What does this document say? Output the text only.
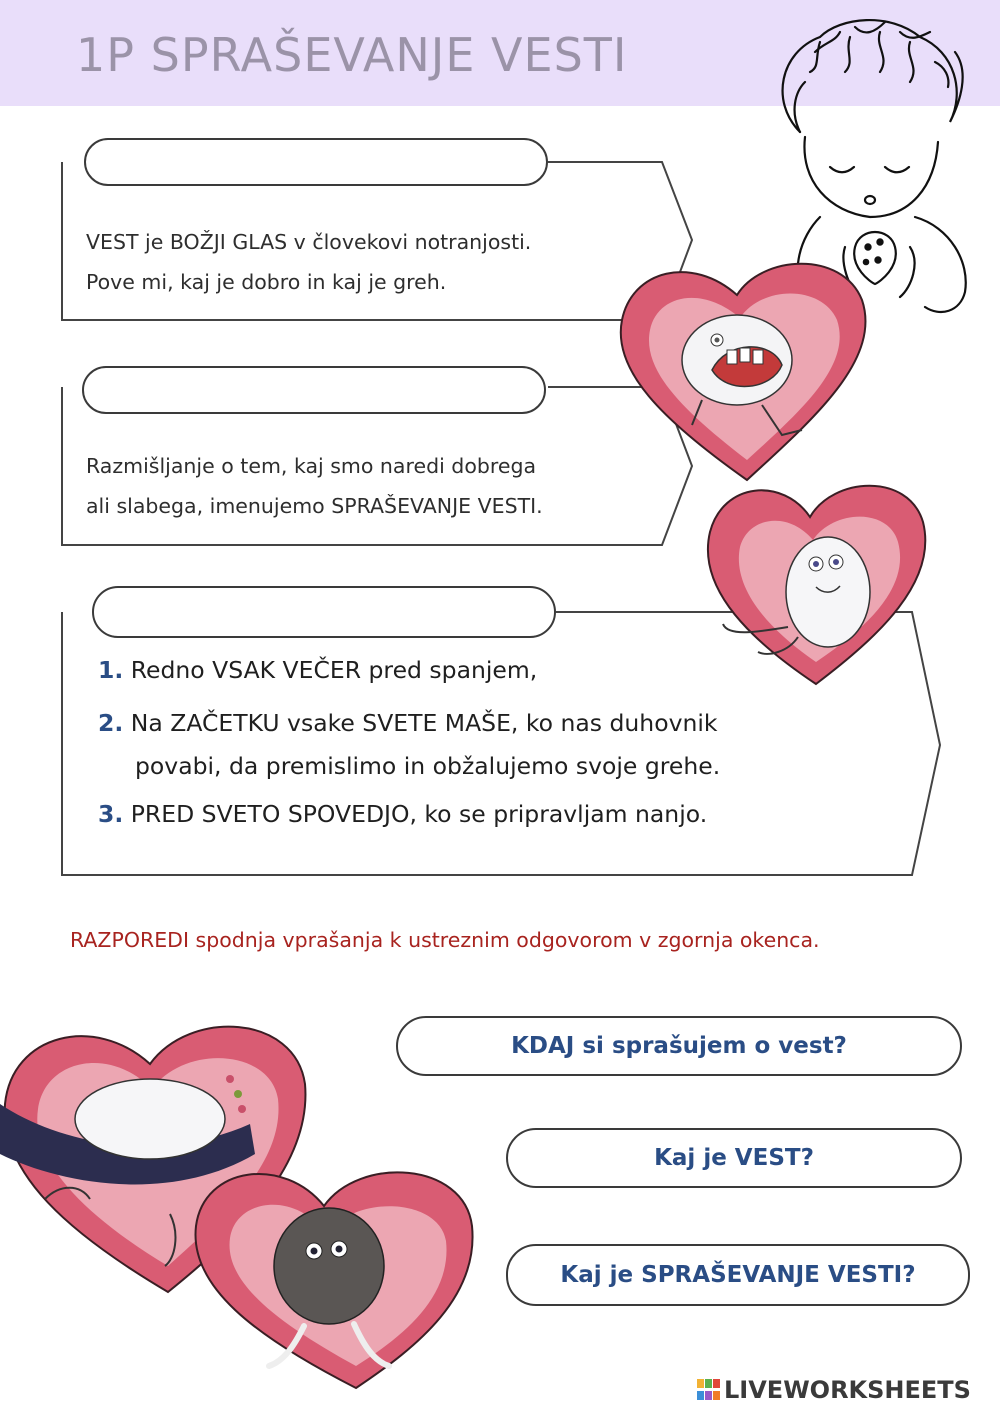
1P SPRAŠEVANJE VESTI
VEST je BOŽJI GLAS v človekovi notranjosti.
Pove mi, kaj je dobro in kaj je greh.
Razmišljanje o tem, kaj smo naredi dobrega
ali slabega, imenujemo SPRAŠEVANJE VESTI.
1. Redno VSAK VEČER pred spanjem,
2. Na ZAČETKU vsake SVETE MAŠE, ko nas duhovnik
povabi, da premislimo in obžalujemo svoje grehe.
3. PRED SVETO SPOVEDJO, ko se pripravljam nanjo.
RAZPOREDI spodnja vprašanja k ustreznim odgovorom v zgornja okenca.
KDAJ si sprašujem o vest?
Kaj je VEST?
Kaj je SPRAŠEVANJE VESTI?
LIVEWORKSHEETS
